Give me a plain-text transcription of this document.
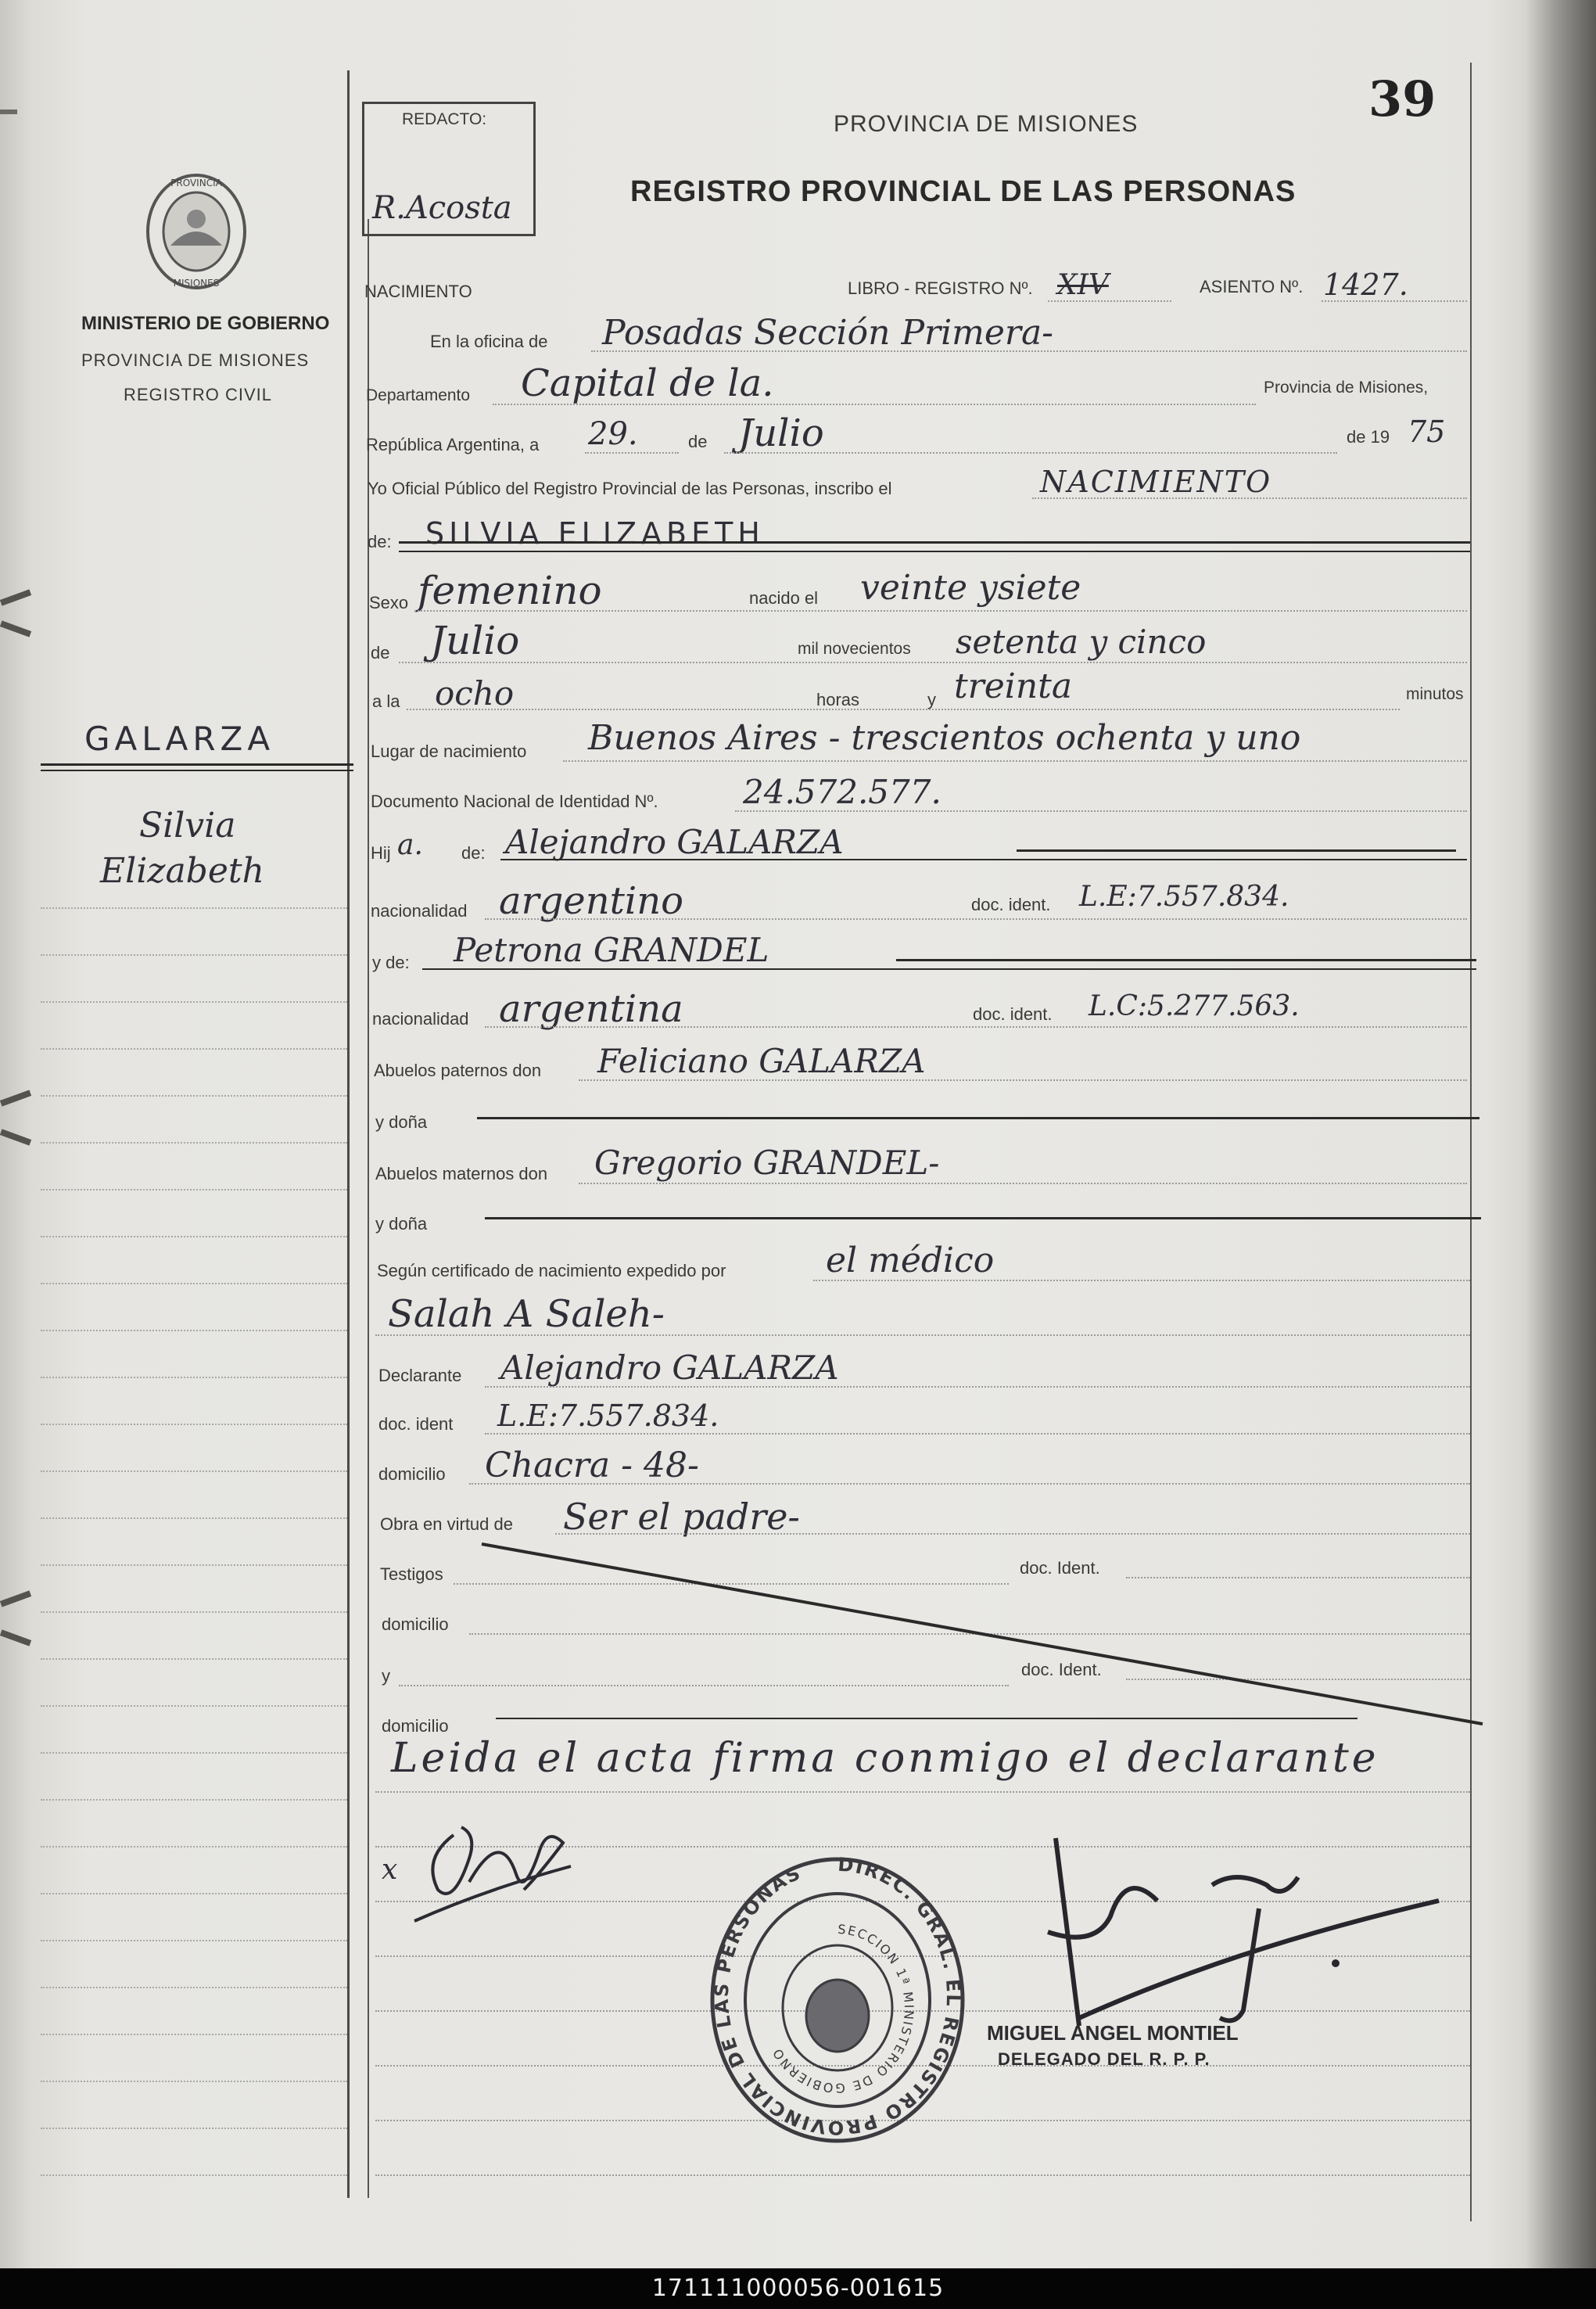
39
REDACTO:
R.Acosta
PROVINCIA DE MISIONES
REGISTRO PROVINCIAL DE LAS PERSONAS
PROVINCIA
MISIONES
MINISTERIO DE GOBIERNO
PROVINCIA DE MISIONES
REGISTRO CIVIL
GALARZA
Silvia
Elizabeth
NACIMIENTO	LIBRO - REGISTRO Nº. XIV	ASIENTO Nº. 1427.
En la oficina de Posadas Sección Primera-
Departamento Capital de la.	Provincia de Misiones,
República Argentina, a 29.	de Julio	de 19 75
Yo Oficial Público del Registro Provincial de las Personas, inscribo el	NACIMIENTO
de: SILVIA ELIZABETH
Sexo femenino	nacido el veinte ysiete
de Julio	mil novecientos setenta y cinco
a la ocho	horas	y treinta	minutos
Lugar de nacimiento Buenos Aires - trescientos ochenta y uno
Documento Nacional de Identidad Nº.	24.572.577.
Hij a. de: Alejandro GALARZA
nacionalidad argentino	doc. ident. L.E:7.557.834.
y de: Petrona GRANDEL
nacionalidad argentina	doc. ident. L.C:5.277.563.
Abuelos paternos don Feliciano GALARZA
y doña
Abuelos maternos don Gregorio GRANDEL-
y doña
Según certificado de nacimiento expedido por	el médico
Salah A Saleh-
Declarante Alejandro GALARZA
doc. ident L.E:7.557.834.
domicilio Chacra - 48-
Obra en virtud de Ser el padre-
Testigos	doc. Ident.
domicilio
y	doc. Ident.
domicilio
Leida el acta firma conmigo el declarante
x	DIREC. GRAL. EL REGISTRO PROVINCIAL DE LAS PERSONAS
SECCION 1ª MINISTERIO DE GOBIERNO
MIGUEL ANGEL MONTIEL
DELEGADO DEL R. P. P.
171111000056-001615
